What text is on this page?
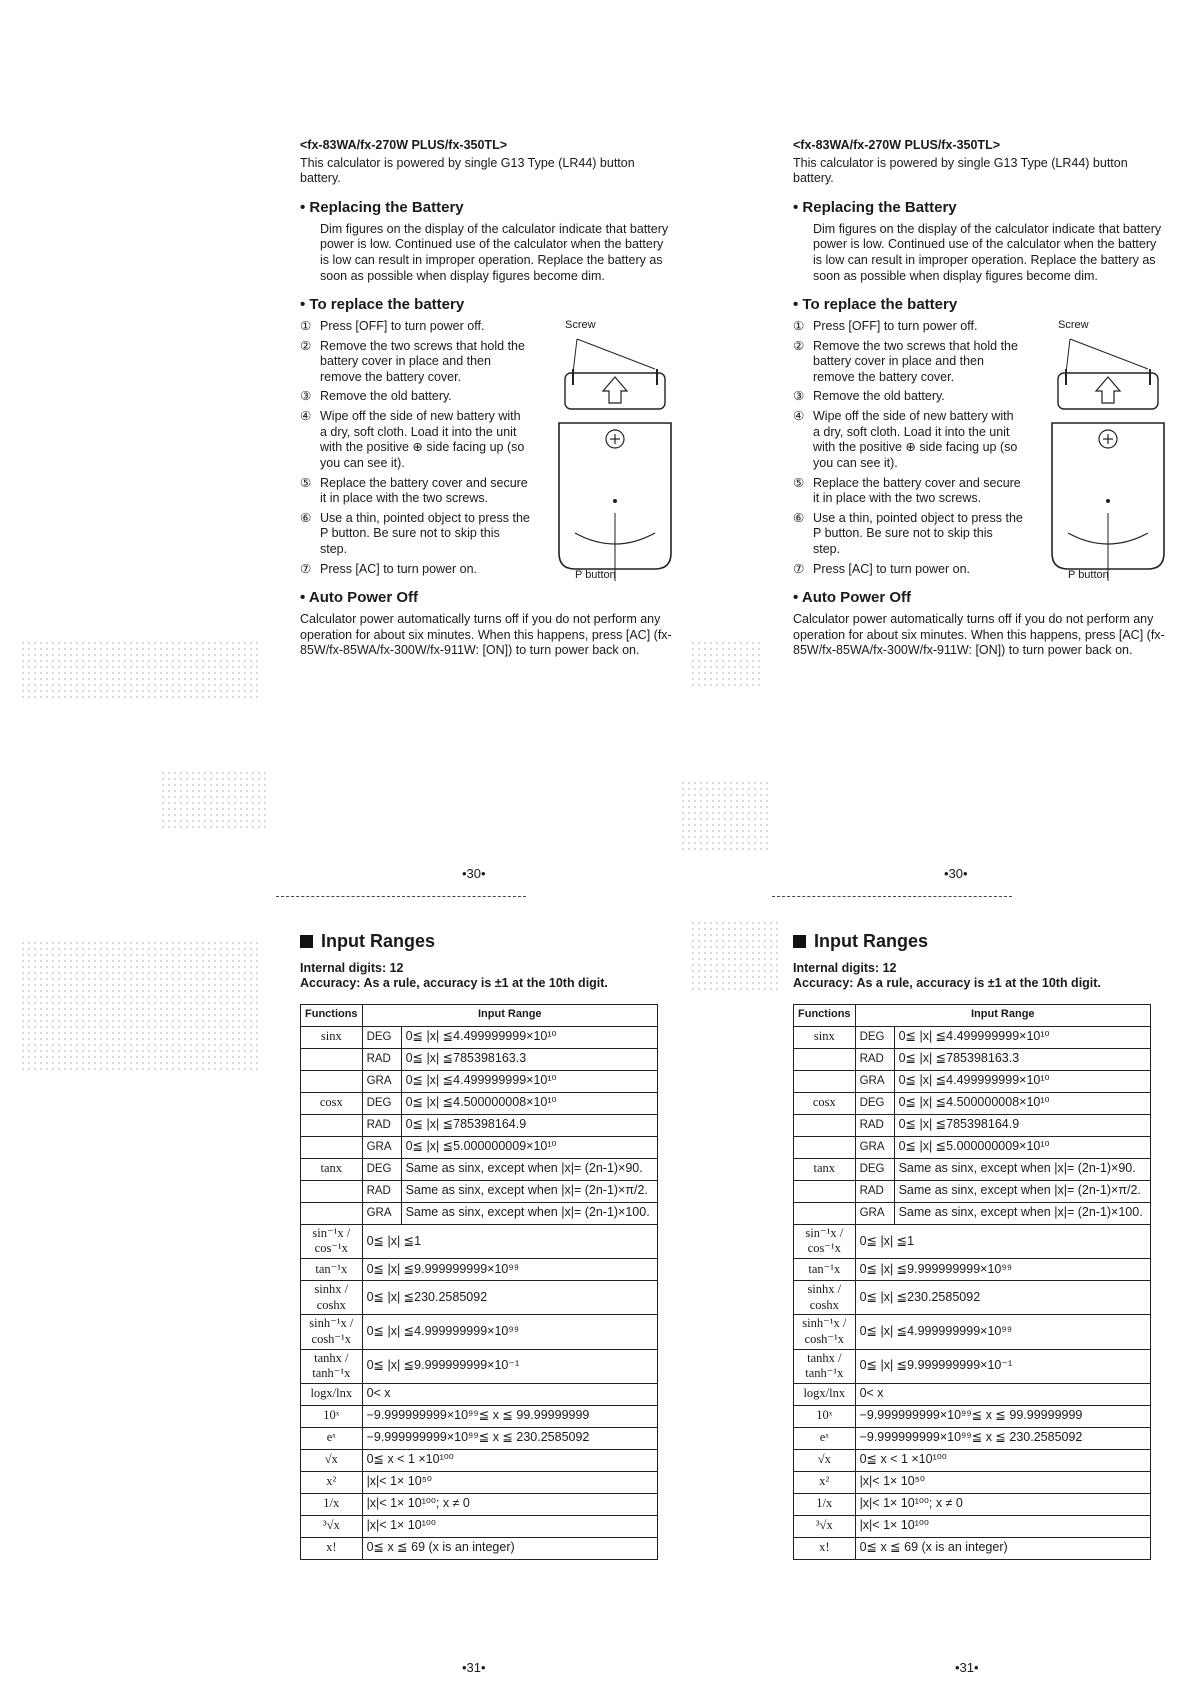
<fx-83WA/fx-270W PLUS/fx-350TL>
This calculator is powered by single G13 Type (LR44) button battery.
• Replacing the Battery
Dim figures on the display of the calculator indicate that battery power is low. Continued use of the calculator when the battery is low can result in improper operation. Replace the battery as soon as possible when display figures become dim.
• To replace the battery
① Press [OFF] to turn power off.
② Remove the two screws that hold the battery cover in place and then remove the battery cover.
③ Remove the old battery.
④ Wipe off the side of new battery with a dry, soft cloth. Load it into the unit with the positive ⊕ side facing up (so you can see it).
⑤ Replace the battery cover and secure it in place with the two screws.
⑥ Use a thin, pointed object to press the P button. Be sure not to skip this step.
⑦ Press [AC] to turn power on.
Screw
P button
• Auto Power Off

Calculator power automatically turns off if you do not perform any operation for about six minutes. When this happens, press [AC] (fx-85W/fx-85WA/fx-300W/fx-911W: [ON]) to turn power back on.

<fx-83WA/fx-270W PLUS/fx-350TL>
This calculator is powered by single G13 Type (LR44) button battery.
• Replacing the Battery
Dim figures on the display of the calculator indicate that battery power is low. Continued use of the calculator when the battery is low can result in improper operation. Replace the battery as soon as possible when display figures become dim.
• To replace the battery
① Press [OFF] to turn power off.
② Remove the two screws that hold the battery cover in place and then remove the battery cover.
③ Remove the old battery.
④ Wipe off the side of new battery with a dry, soft cloth. Load it into the unit with the positive ⊕ side facing up (so you can see it).
⑤ Replace the battery cover and secure it in place with the two screws.
⑥ Use a thin, pointed object to press the P button. Be sure not to skip this step.
⑦ Press [AC] to turn power on.
Screw
P button
• Auto Power Off

Calculator power automatically turns off if you do not perform any operation for about six minutes. When this happens, press [AC] (fx-85W/fx-85WA/fx-300W/fx-911W: [ON]) to turn power back on.

•30•	•30•
Input Ranges
Internal digits: 12
Accuracy: As a rule, accuracy is ±1 at the 10th digit.
Functions	Input Range	
sinx	DEG	0≦ |x| ≦4.499999999×10¹⁰
	RAD	0≦ |x| ≦785398163.3
	GRA	0≦ |x| ≦4.499999999×10¹⁰
cosx	DEG	0≦ |x| ≦4.500000008×10¹⁰
	RAD	0≦ |x| ≦785398164.9
	GRA	0≦ |x| ≦5.000000009×10¹⁰
tanx	DEG	Same as sinx, except when |x|= (2n-1)×90.
	RAD	Same as sinx, except when |x|= (2n-1)×π/2.
	GRA	Same as sinx, except when |x|= (2n-1)×100.
sin⁻¹x / cos⁻¹x	0≦ |x| ≦1	
tan⁻¹x	0≦ |x| ≦9.999999999×10⁹⁹	
sinhx / coshx	0≦ |x| ≦230.2585092	
sinh⁻¹x / cosh⁻¹x	0≦ |x| ≦4.999999999×10⁹⁹	
tanhx / tanh⁻¹x	0≦ |x| ≦9.999999999×10⁻¹	
logx/lnx	0< x	
10ˣ	−9.999999999×10⁹⁹≦ x ≦ 99.99999999	
eˣ	−9.999999999×10⁹⁹≦ x ≦ 230.2585092	
√x	0≦ x < 1 ×10¹⁰⁰	
x²	|x|< 1× 10⁵⁰	
1/x	|x|< 1× 10¹⁰⁰; x ≠ 0	
³√x	|x|< 1× 10¹⁰⁰	
x!	0≦ x ≦ 69 (x is an integer)	
Input Ranges
Internal digits: 12
Accuracy: As a rule, accuracy is ±1 at the 10th digit.
Functions	Input Range	
sinx	DEG	0≦ |x| ≦4.499999999×10¹⁰
	RAD	0≦ |x| ≦785398163.3
	GRA	0≦ |x| ≦4.499999999×10¹⁰
cosx	DEG	0≦ |x| ≦4.500000008×10¹⁰
	RAD	0≦ |x| ≦785398164.9
	GRA	0≦ |x| ≦5.000000009×10¹⁰
tanx	DEG	Same as sinx, except when |x|= (2n-1)×90.
	RAD	Same as sinx, except when |x|= (2n-1)×π/2.
	GRA	Same as sinx, except when |x|= (2n-1)×100.
sin⁻¹x / cos⁻¹x	0≦ |x| ≦1	
tan⁻¹x	0≦ |x| ≦9.999999999×10⁹⁹	
sinhx / coshx	0≦ |x| ≦230.2585092	
sinh⁻¹x / cosh⁻¹x	0≦ |x| ≦4.999999999×10⁹⁹	
tanhx / tanh⁻¹x	0≦ |x| ≦9.999999999×10⁻¹	
logx/lnx	0< x	
10ˣ	−9.999999999×10⁹⁹≦ x ≦ 99.99999999	
eˣ	−9.999999999×10⁹⁹≦ x ≦ 230.2585092	
√x	0≦ x < 1 ×10¹⁰⁰	
x²	|x|< 1× 10⁵⁰	
1/x	|x|< 1× 10¹⁰⁰; x ≠ 0	
³√x	|x|< 1× 10¹⁰⁰	
x!	0≦ x ≦ 69 (x is an integer)	
•31•	•31•
